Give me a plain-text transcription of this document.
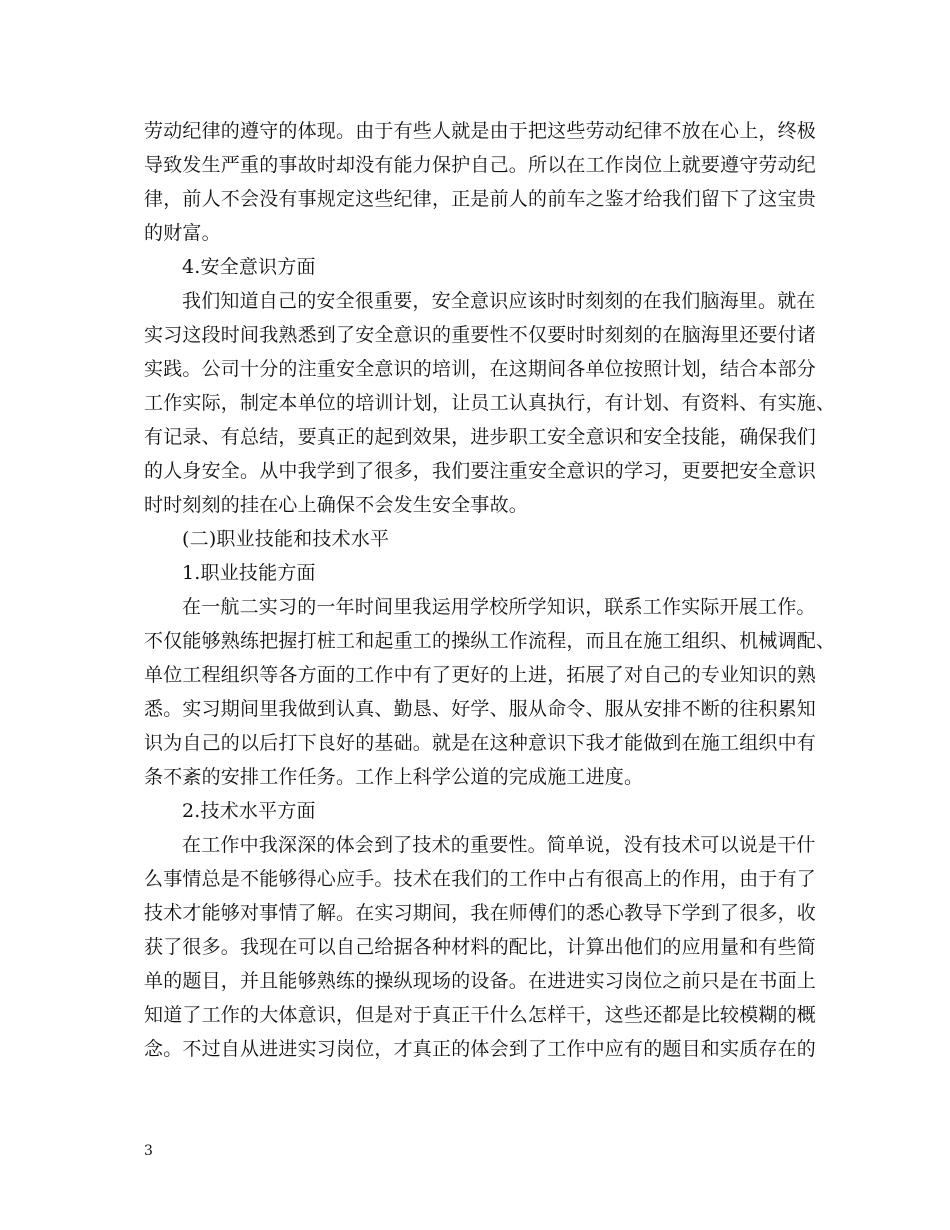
劳动纪律的遵守的体现。由于有些人就是由于把这些劳动纪律不放在心上，终极
导致发生严重的事故时却没有能力保护自己。所以在工作岗位上就要遵守劳动纪
律，前人不会没有事规定这些纪律，正是前人的前车之鉴才给我们留下了这宝贵
的财富。
4.安全意识方面
我们知道自己的安全很重要，安全意识应该时时刻刻的在我们脑海里。就在
实习这段时间我熟悉到了安全意识的重要性不仅要时时刻刻的在脑海里还要付诸
实践。公司十分的注重安全意识的培训，在这期间各单位按照计划，结合本部分
工作实际，制定本单位的培训计划，让员工认真执行，有计划、有资料、有实施、
有记录、有总结，要真正的起到效果，进步职工安全意识和安全技能，确保我们
的人身安全。从中我学到了很多，我们要注重安全意识的学习，更要把安全意识
时时刻刻的挂在心上确保不会发生安全事故。
(二)职业技能和技术水平
1.职业技能方面
在一航二实习的一年时间里我运用学校所学知识，联系工作实际开展工作。
不仅能够熟练把握打桩工和起重工的操纵工作流程，而且在施工组织、机械调配、
单位工程组织等各方面的工作中有了更好的上进，拓展了对自己的专业知识的熟
悉。实习期间里我做到认真、勤恳、好学、服从命令、服从安排不断的往积累知
识为自己的以后打下良好的基础。就是在这种意识下我才能做到在施工组织中有
条不紊的安排工作任务。工作上科学公道的完成施工进度。
2.技术水平方面
在工作中我深深的体会到了技术的重要性。简单说，没有技术可以说是干什
么事情总是不能够得心应手。技术在我们的工作中占有很高上的作用，由于有了
技术才能够对事情了解。在实习期间，我在师傅们的悉心教导下学到了很多，收
获了很多。我现在可以自己给据各种材料的配比，计算出他们的应用量和有些简
单的题目，并且能够熟练的操纵现场的设备。在进进实习岗位之前只是在书面上
知道了工作的大体意识，但是对于真正干什么怎样干，这些还都是比较模糊的概
念。不过自从进进实习岗位，才真正的体会到了工作中应有的题目和实质存在的
3
